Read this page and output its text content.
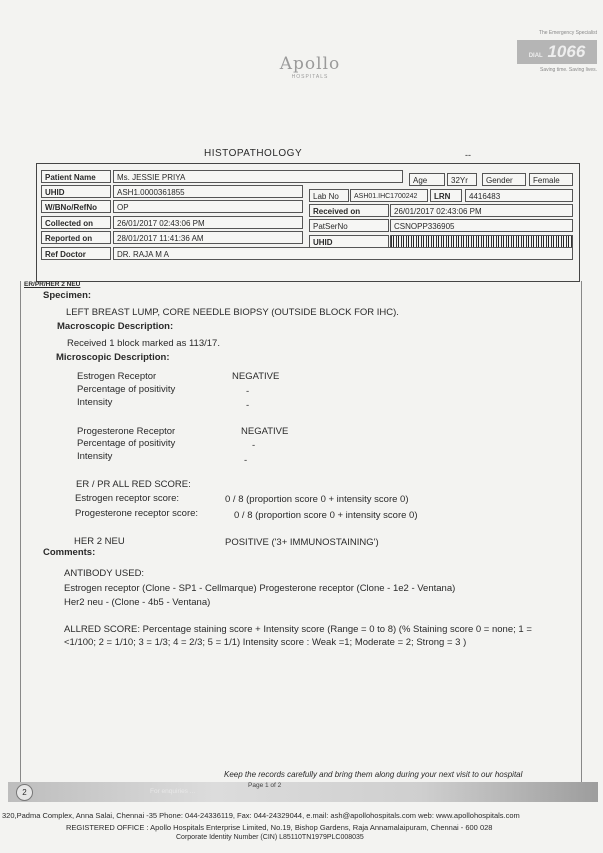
Apollo
HOSPITALS
The Emergency Specialist
DIAL 1066
Saving time. Saving lives.
HISTOPATHOLOGY	--
Patient Name	Ms. JESSIE PRIYA	Age	32Yr	Gender	Female
UHID	ASH1.0000361855	Lab No	ASH01.IHC1700242	LRN	4416483
W/BNo/RefNo	OP	Received on	26/01/2017 02:43:06 PM
Collected on	26/01/2017 02:43:06 PM	PatSerNo	CSNOPP336905
Reported on	28/01/2017 11:41:36 AM	UHID
Ref Doctor	DR. RAJA M A
ER/PR/HER 2 NEU
Specimen:
LEFT BREAST LUMP, CORE NEEDLE BIOPSY (OUTSIDE BLOCK FOR IHC).
Macroscopic Description:
Received 1 block marked as 113/17.
Microscopic Description:
Estrogen Receptor	NEGATIVE
Percentage of positivity	-
Intensity	-
Progesterone Receptor	NEGATIVE
Percentage of positivity	-
Intensity	-
ER / PR ALL RED SCORE:
Estrogen receptor score:	0 / 8 (proportion score 0 + intensity score 0)
Progesterone receptor score:	0 / 8 (proportion score 0 + intensity score 0)
HER 2 NEU	POSITIVE ('3+ IMMUNOSTAINING')
Comments:
ANTIBODY USED:
Estrogen receptor (Clone - SP1 - Cellmarque) Progesterone receptor (Clone - 1e2 - Ventana)
Her2 neu - (Clone - 4b5 - Ventana)
ALLRED SCORE: Percentage staining score + Intensity score (Range = 0 to 8) (% Staining score 0 = none; 1 = <1/100; 2 = 1/10; 3 = 1/3; 4 = 2/3; 5 = 1/1) Intensity score : Weak =1; Moderate = 2; Strong = 3 )
Keep the records carefully and bring them along during your next visit to our hospital
2	For enquiries ...
Page 1 of 2
320,Padma Complex, Anna Salai, Chennai -35 Phone: 044-24336119, Fax: 044-24329044, e.mail: ash@apollohospitals.com web: www.apollohospitals.com
REGISTERED OFFICE : Apollo Hospitals Enterprise Limited, No.19, Bishop Gardens, Raja Annamalaipuram, Chennai - 600 028
Corporate Identity Number (CIN) L85110TN1979PLC008035
